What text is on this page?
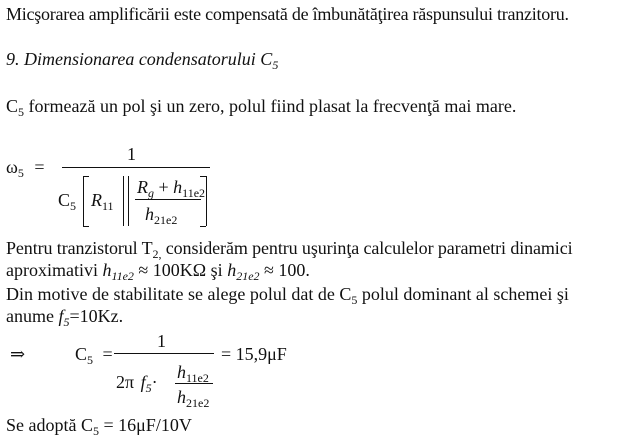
Micşorarea amplificării este compensată de îmbunătăţirea răspunsului tranzitoru.
9. Dimensionarea condensatorului $C_5$
$C_5$ formează un pol şi un zero, polul fiind plasat la frecvenţă mai mare.
$\omega_5$ =
1
$C_5$ $R_{11}$
$R_g + h_{11e2}$
$h_{21e2}$
Pentru tranzistorul $T_{2,}$ considerăm pentru uşurinţa calculelor parametri dinamici
aproximativi $h_{11e2} \approx 100K\Omega$ şi $h_{21e2} \approx 100$.
Din motive de stabilitate se alege polul dat de $C_5$ polul dominant al schemei şi
anume $f_5=10Kz$.
⇒	$C_5$ =
1
2π $f_5\cdot h_{11e2}$
$h_{21e2}$
= 15,9μF
Se adoptă $C_5 = 16\mu F/10V$
